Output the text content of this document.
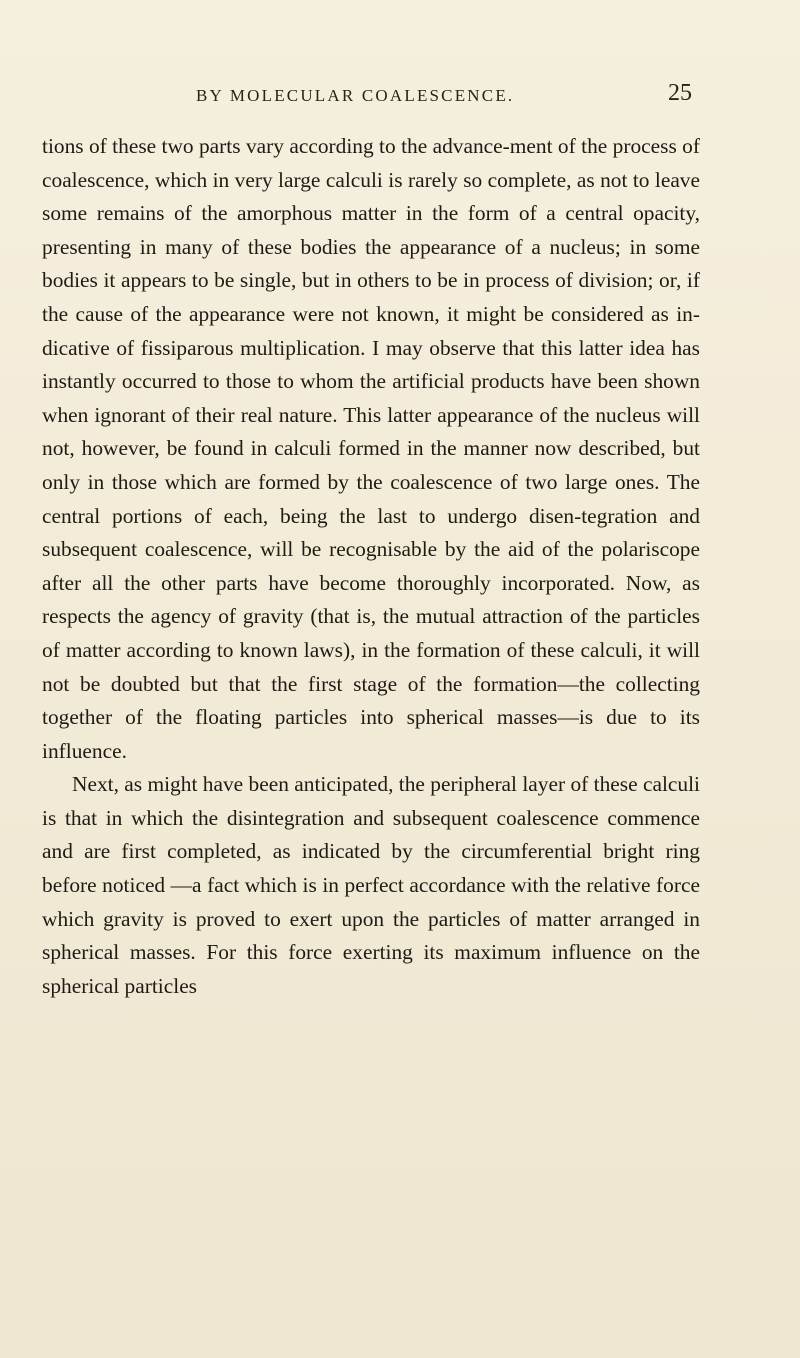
BY MOLECULAR COALESCENCE.	25

tions of these two parts vary according to the advance-ment of the process of coalescence, which in very large calculi is rarely so complete, as not to leave some remains of the amorphous matter in the form of a central opacity, presenting in many of these bodies the appearance of a nucleus; in some bodies it appears to be single, but in others to be in process of division; or, if the cause of the appearance were not known, it might be considered as in-dicative of fissiparous multiplication. I may observe that this latter idea has instantly occurred to those to whom the artificial products have been shown when ignorant of their real nature. This latter appearance of the nucleus will not, however, be found in calculi formed in the manner now described, but only in those which are formed by the coalescence of two large ones. The central portions of each, being the last to undergo disen-tegration and subsequent coalescence, will be recognisable by the aid of the polariscope after all the other parts have become thoroughly incorporated. Now, as respects the agency of gravity (that is, the mutual attraction of the particles of matter according to known laws), in the formation of these calculi, it will not be doubted but that the first stage of the formation—the collecting together of the floating particles into spherical masses—is due to its influence.

Next, as might have been anticipated, the peripheral layer of these calculi is that in which the disintegration and subsequent coalescence commence and are first completed, as indicated by the circumferential bright ring before noticed —a fact which is in perfect accordance with the relative force which gravity is proved to exert upon the particles of matter arranged in spherical masses. For this force exerting its maximum influence on the spherical particles
